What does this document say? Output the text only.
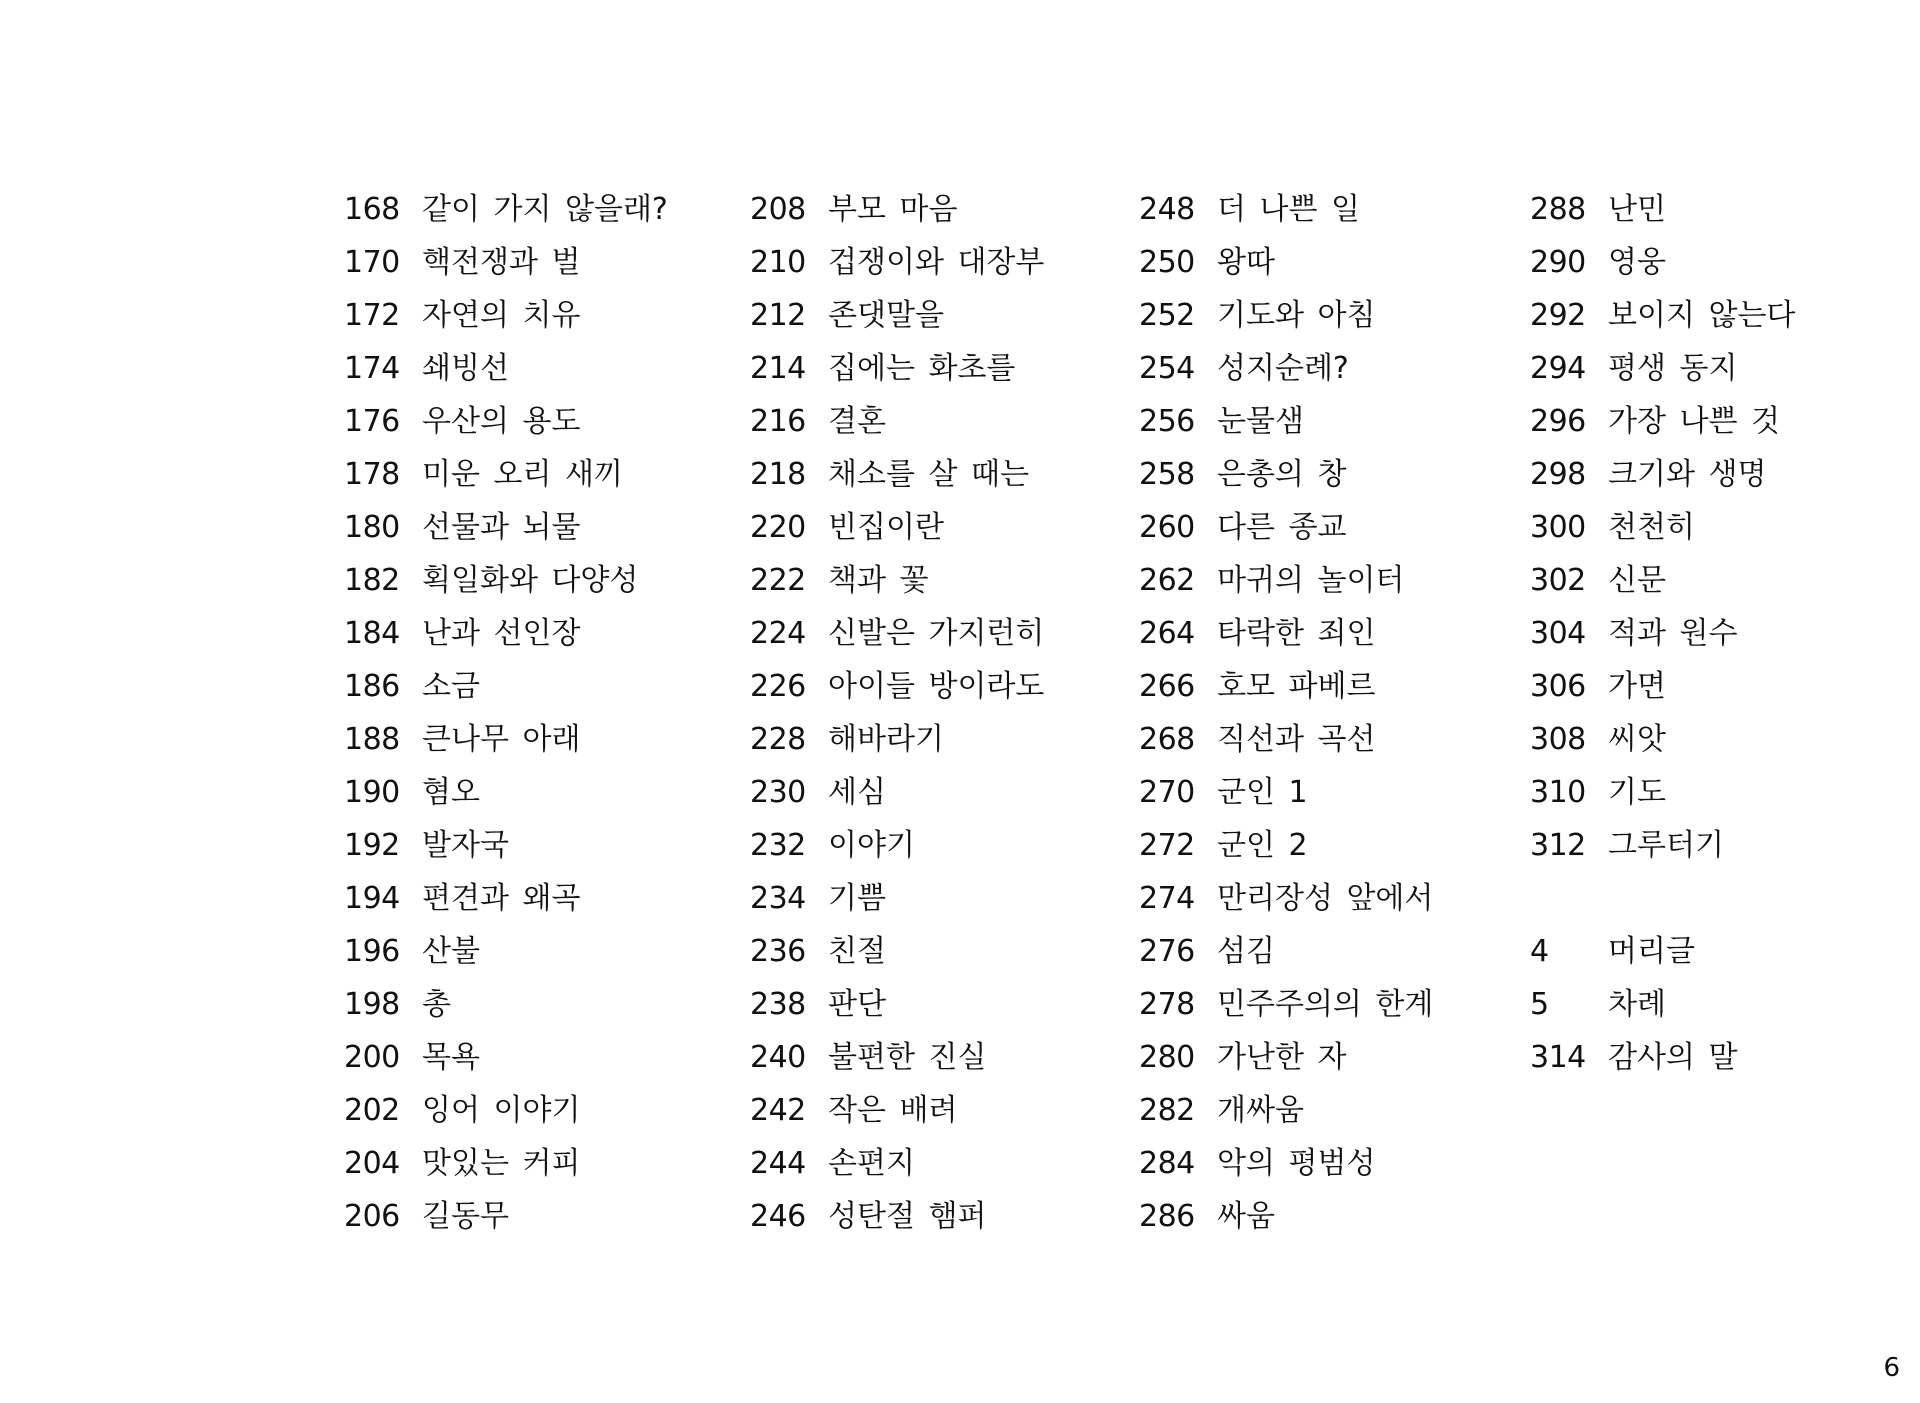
168 같이 가지 않을래?
170 핵전쟁과 벌
172 자연의 치유
174 쇄빙선
176 우산의 용도
178 미운 오리 새끼
180 선물과 뇌물
182 획일화와 다양성
184 난과 선인장
186 소금
188 큰나무 아래
190 혐오
192 발자국
194 편견과 왜곡
196 산불
198 총
200 목욕
202 잉어 이야기
204 맛있는 커피
206 길동무
208 부모 마음
210 겁쟁이와 대장부
212 존댓말을
214 집에는 화초를
216 결혼
218 채소를 살 때는
220 빈집이란
222 책과 꽃
224 신발은 가지런히
226 아이들 방이라도
228 해바라기
230 세심
232 이야기
234 기쁨
236 친절
238 판단
240 불편한 진실
242 작은 배려
244 손편지
246 성탄절 햄퍼
248 더 나쁜 일
250 왕따
252 기도와 아침
254 성지순례?
256 눈물샘
258 은총의 창
260 다른 종교
262 마귀의 놀이터
264 타락한 죄인
266 호모 파베르
268 직선과 곡선
270 군인 1
272 군인 2
274 만리장성 앞에서
276 섬김
278 민주주의의 한계
280 가난한 자
282 개싸움
284 악의 평범성
286 싸움
288 난민
290 영웅
292 보이지 않는다
294 평생 동지
296 가장 나쁜 것
298 크기와 생명
300 천천히
302 신문
304 적과 원수
306 가면
308 씨앗
310 기도
312 그루터기
4 머리글
5 차례
314 감사의 말
6
